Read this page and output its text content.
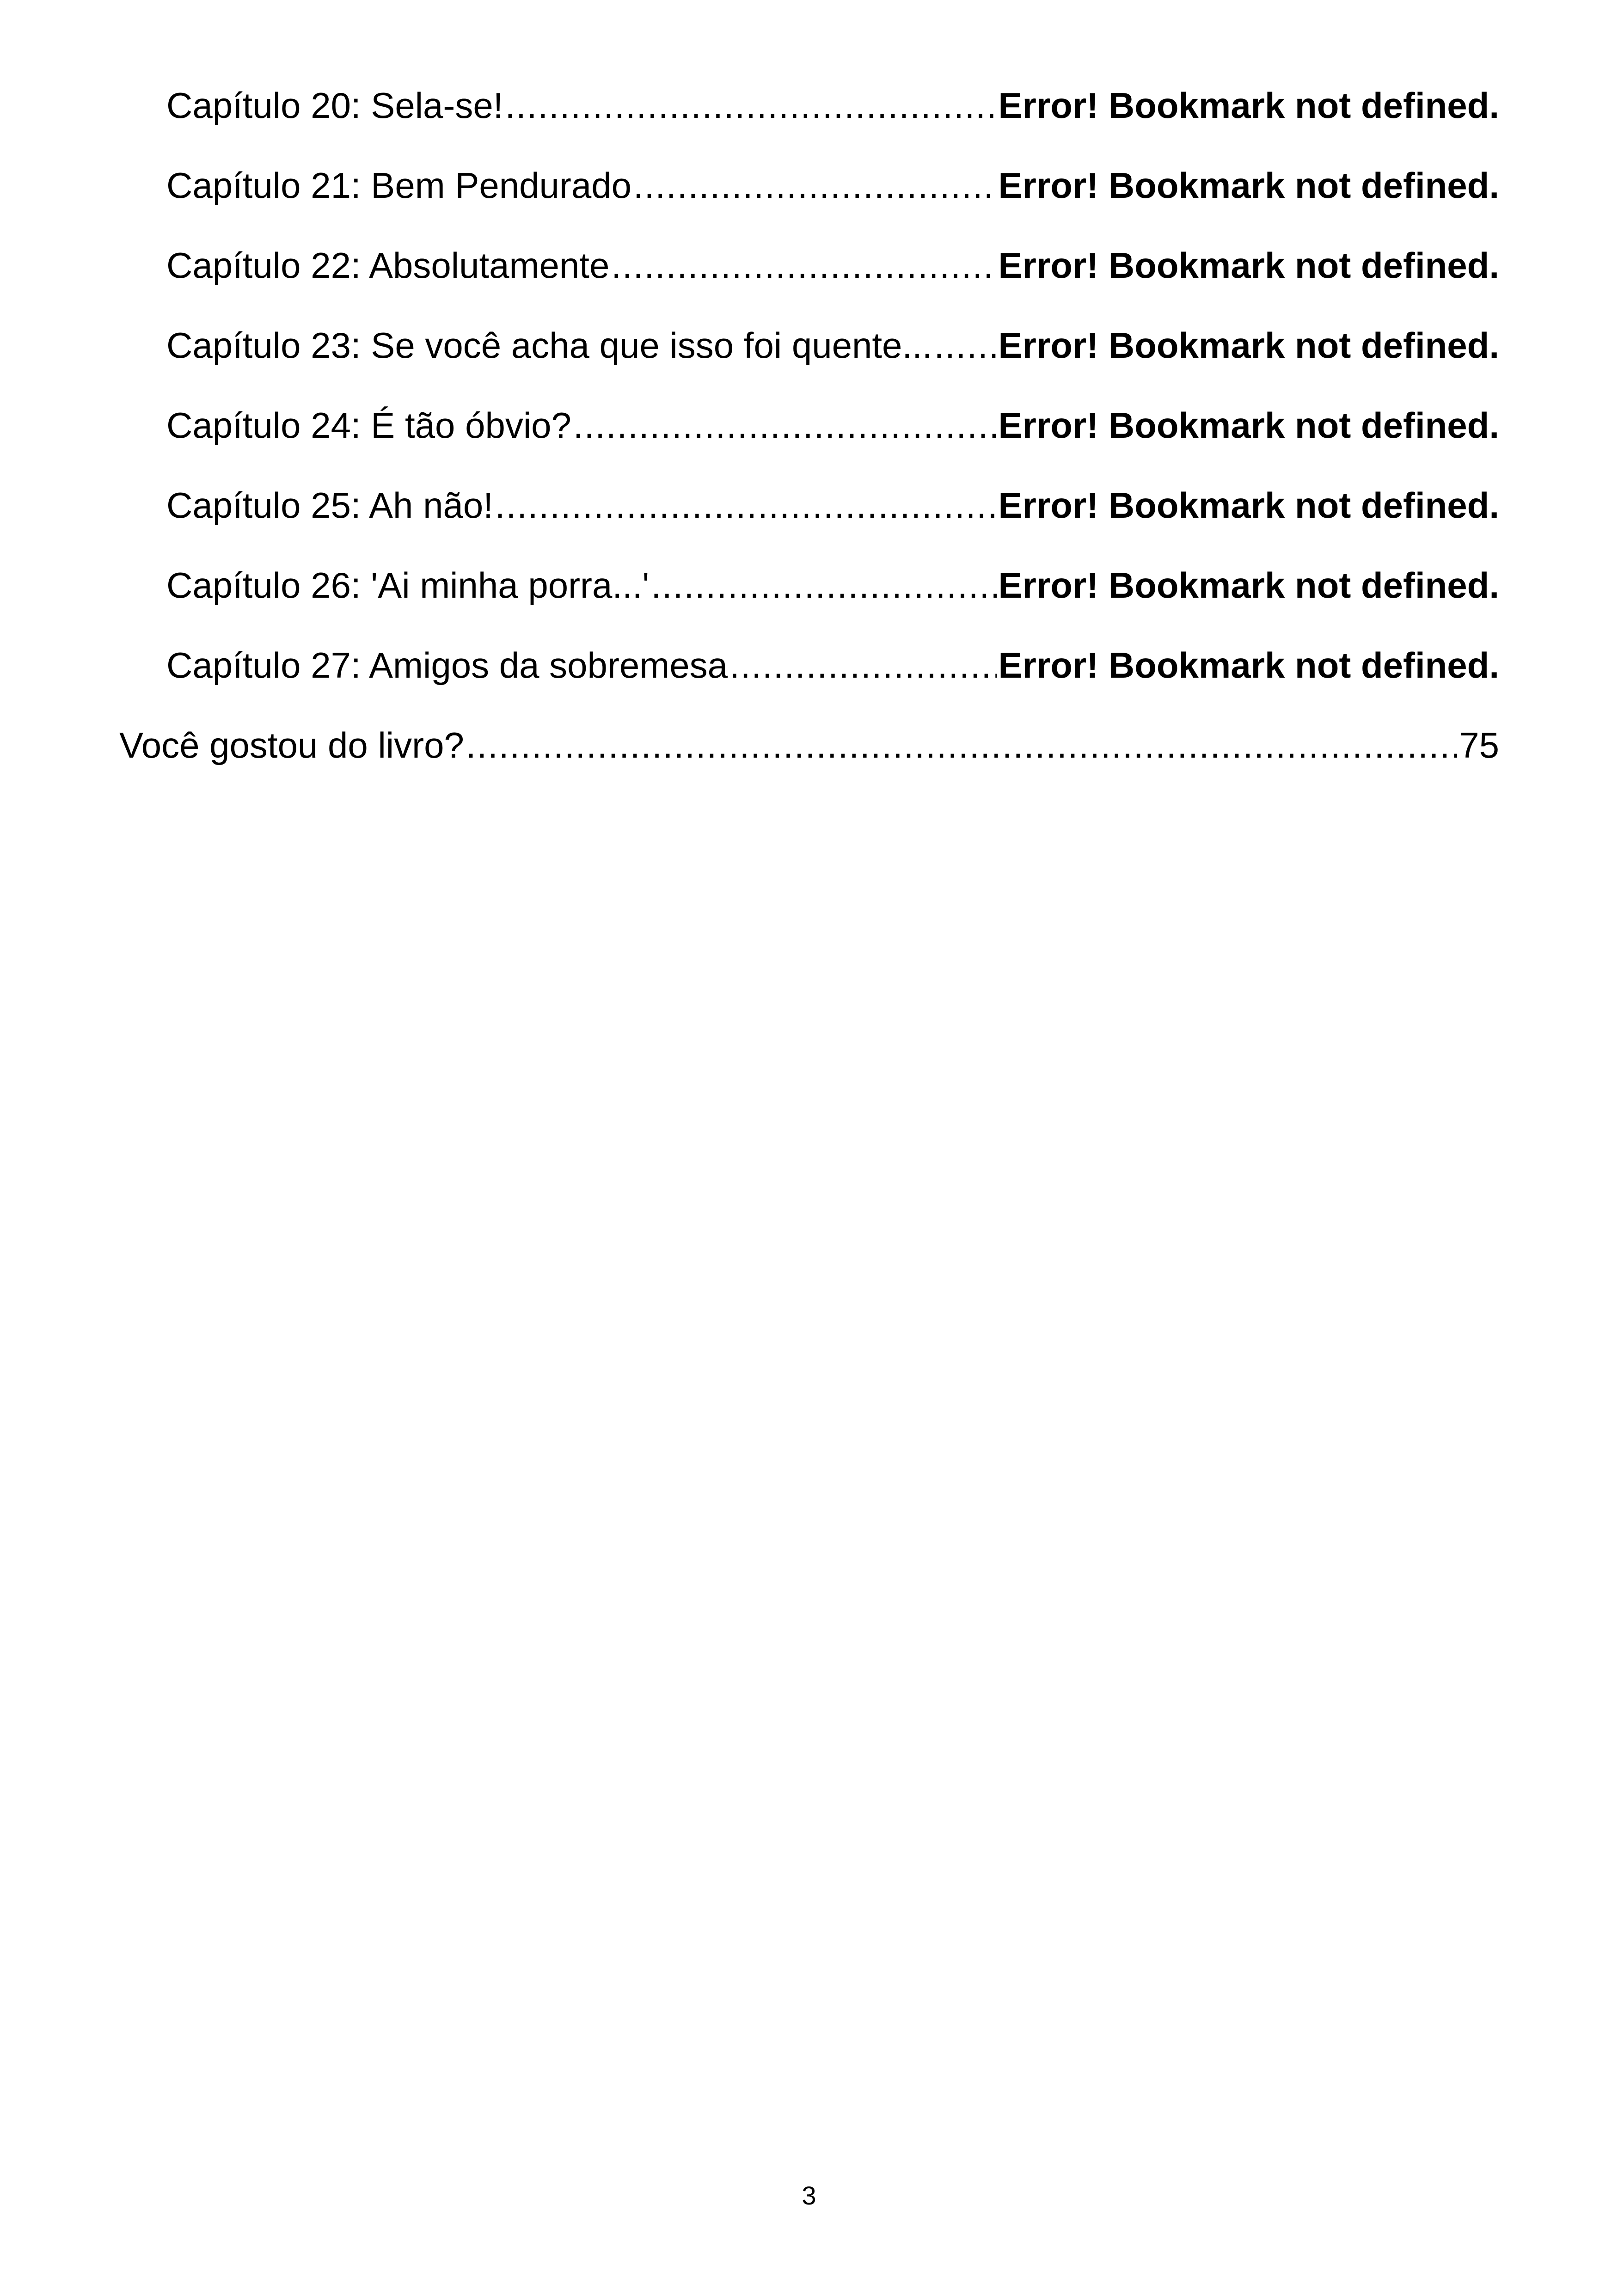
Capítulo 20: Sela-se! .....	Error! Bookmark not defined.
Capítulo 21: Bem Pendurado .....	Error! Bookmark not defined.
Capítulo 22: Absolutamente .....	Error! Bookmark not defined.
Capítulo 23: Se você acha que isso foi quente... ..... Error! Bookmark not defined.
Capítulo 24: É tão óbvio? .....	Error! Bookmark not defined.
Capítulo 25: Ah não! .....	Error! Bookmark not defined.
Capítulo 26: 'Ai minha porra...' .....	Error! Bookmark not defined.
Capítulo 27: Amigos da sobremesa .....	Error! Bookmark not defined.
Você gostou do livro? .....	75
3
